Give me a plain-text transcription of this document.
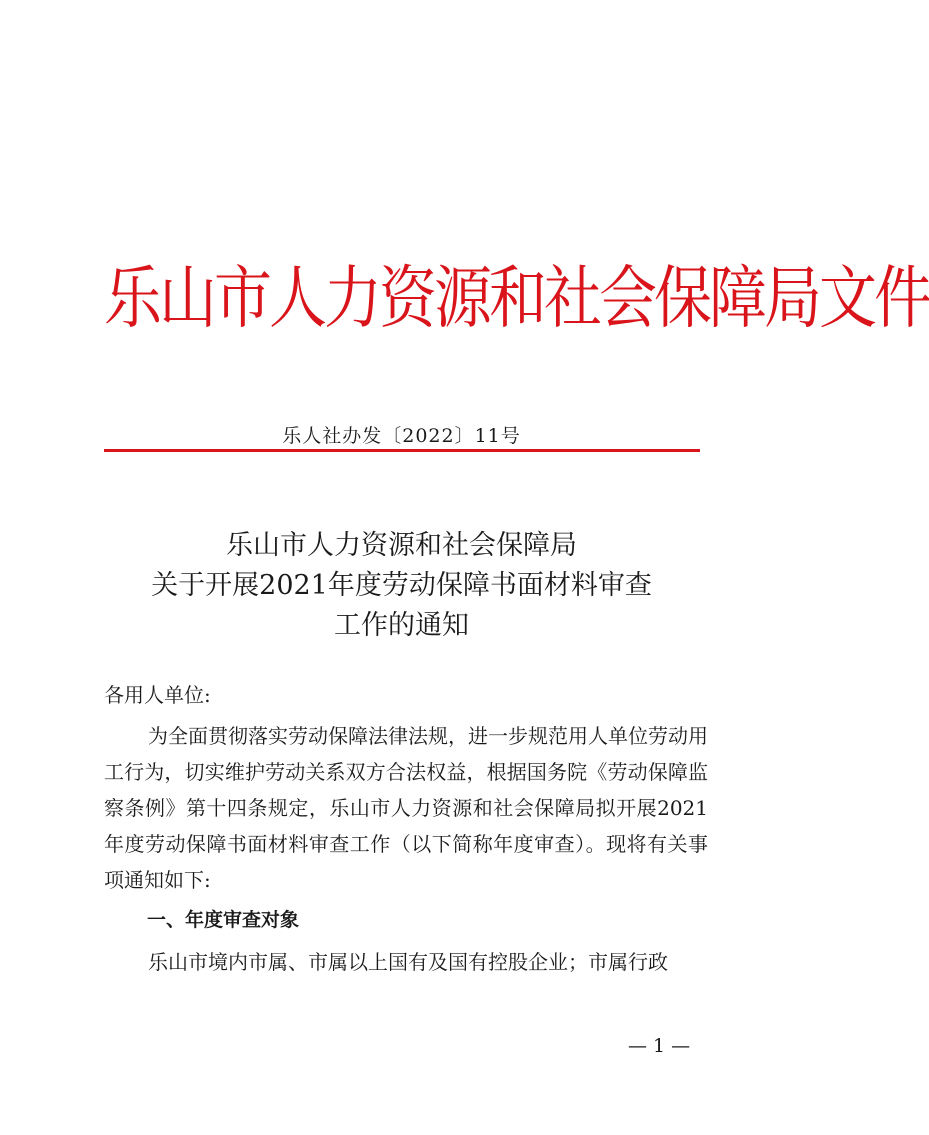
乐山市人力资源和社会保障局文件
乐人社办发〔2022〕11号
乐山市人力资源和社会保障局
关于开展2021年度劳动保障书面材料审查
工作的通知
各用人单位:
为全面贯彻落实劳动保障法律法规，进一步规范用人单位劳动用工行为，切实维护劳动关系双方合法权益，根据国务院《劳动保障监察条例》第十四条规定，乐山市人力资源和社会保障局拟开展2021年度劳动保障书面材料审查工作（以下简称年度审查）。现将有关事项通知如下:
一、年度审查对象
乐山市境内市属、市属以上国有及国有控股企业；市属行政
— 1 —
